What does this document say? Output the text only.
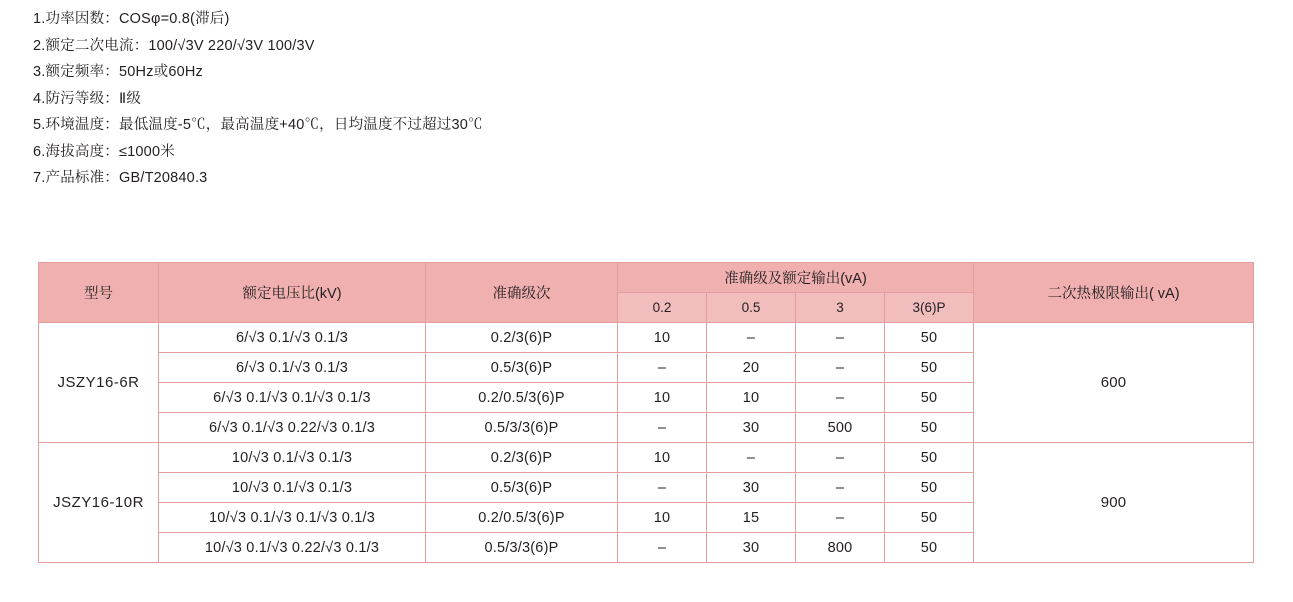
1.功率因数：COSφ=0.8(滞后)
2.额定二次电流：100/√3V 220/√3V 100/3V
3.额定频率：50Hz或60Hz
4.防污等级：Ⅱ级
5.环境温度：最低温度-5℃，最高温度+40℃，日均温度不过超过30℃
6.海拔高度：≤1000米
7.产品标准：GB/T20840.3
型号	额定电压比(kV)	准确级次	准确级及额定输出(vA)				二次热极限输出( vA)
			0.2	0.5	3	3(6)P	
JSZY16-6R	6/√3 0.1/√3 0.1/3	0.2/3(6)P	10	–	–	50	600
	6/√3 0.1/√3 0.1/3	0.5/3(6)P	–	20	–	50	
	6/√3 0.1/√3 0.1/√3 0.1/3	0.2/0.5/3(6)P	10	10	–	50	
	6/√3 0.1/√3 0.22/√3 0.1/3	0.5/3/3(6)P	–	30	500	50	
JSZY16-10R	10/√3 0.1/√3 0.1/3	0.2/3(6)P	10	–	–	50	900
	10/√3 0.1/√3 0.1/3	0.5/3(6)P	–	30	–	50	
	10/√3 0.1/√3 0.1/√3 0.1/3	0.2/0.5/3(6)P	10	15	–	50	
	10/√3 0.1/√3 0.22/√3 0.1/3	0.5/3/3(6)P	–	30	800	50	
